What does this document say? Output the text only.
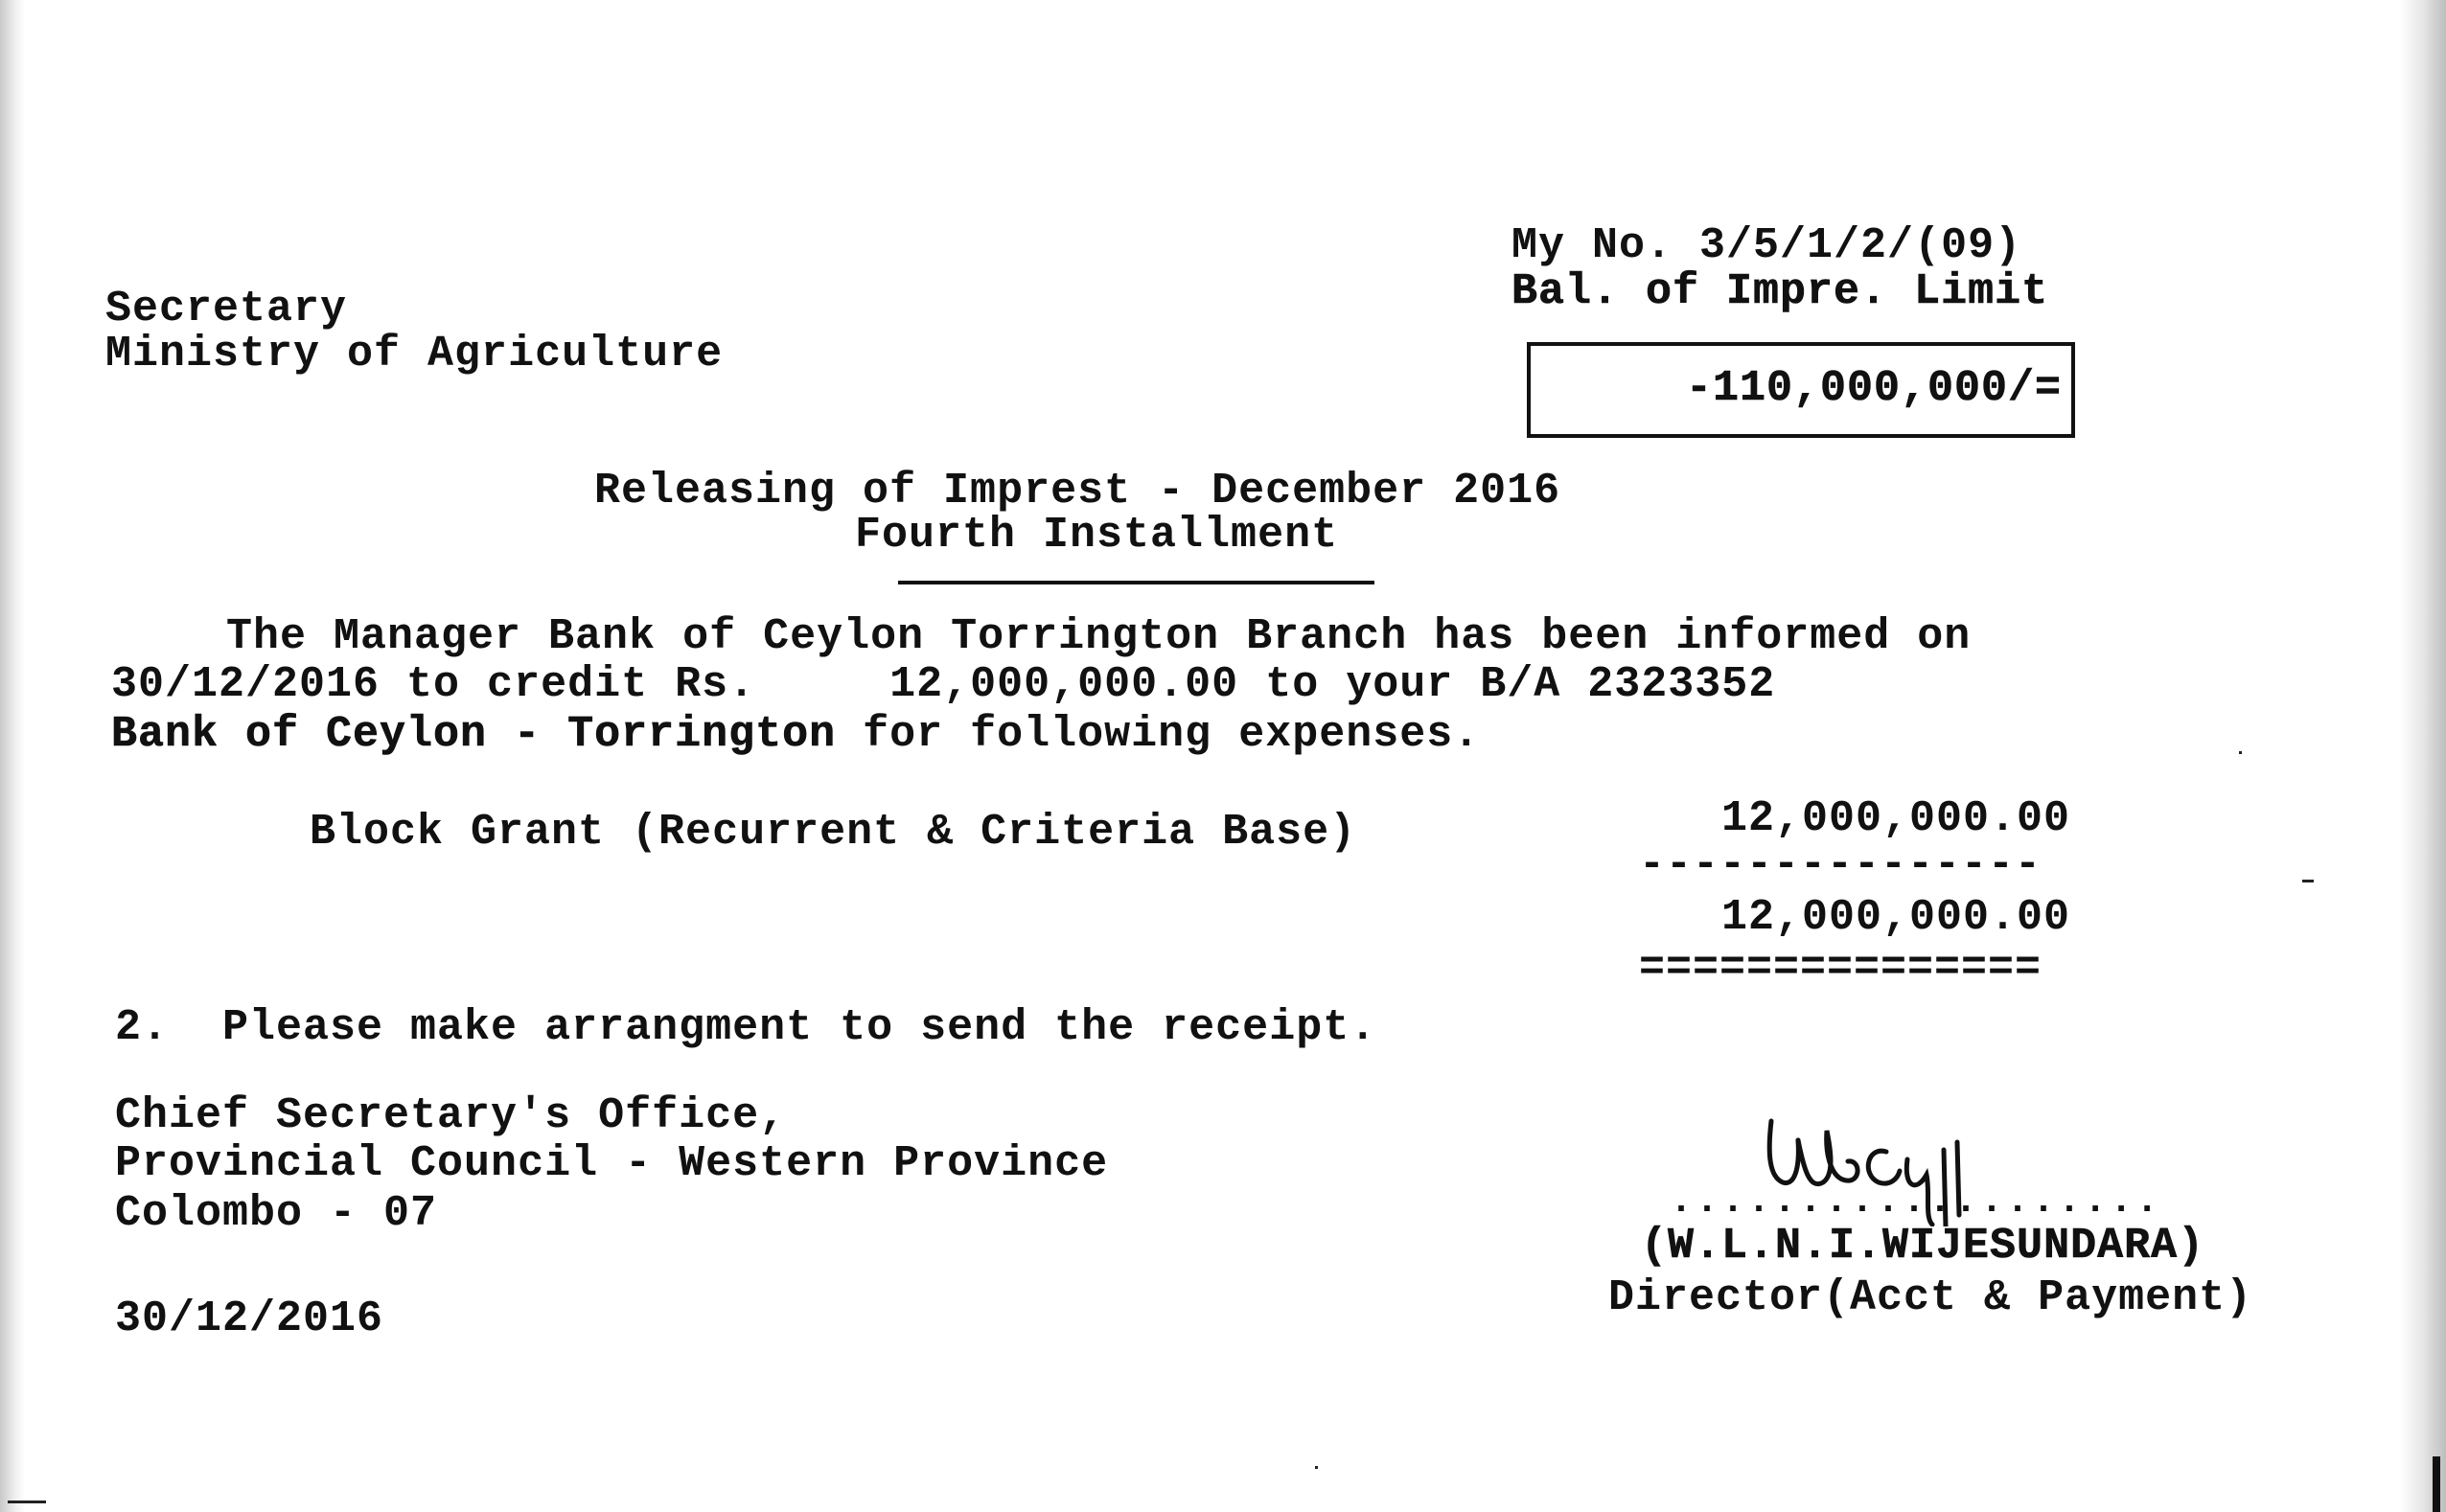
My No. 3/5/1/2/(09)
Bal. of Impre. Limit
-110,000,000/=
Secretary
Ministry of Agriculture
Releasing of Imprest - December 2016
Fourth Installment
The Manager Bank of Ceylon Torrington Branch has been informed on
30/12/2016 to credit Rs.     12,000,000.00 to your B/A 2323352
Bank of Ceylon - Torrington for following expenses.
Block Grant (Recurrent & Criteria Base)	12,000,000.00
---------------
12,000,000.00
===============
2.  Please make arrangment to send the receipt.
Chief Secretary's Office,
Provincial Council - Western Province
Colombo - 07
30/12/2016
...................
(W.L.N.I.WIJESUNDARA)
Director(Acct & Payment)
